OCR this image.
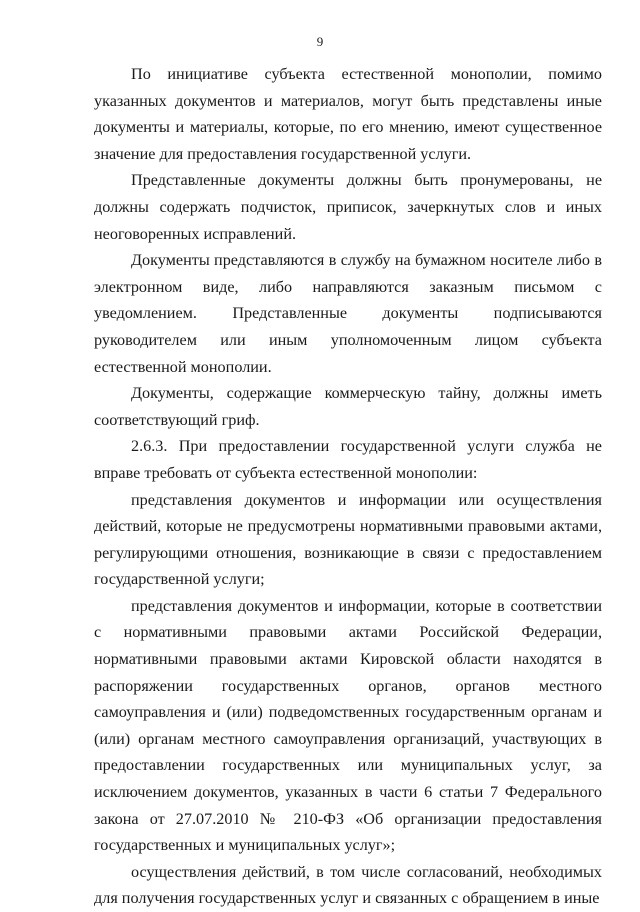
9

По инициативе субъекта естественной монополии, помимо указанных документов и материалов, могут быть представлены иные документы и материалы, которые, по его мнению, имеют существенное значение для предоставления государственной услуги.

Представленные документы должны быть пронумерованы, не должны содержать подчисток, приписок, зачеркнутых слов и иных неоговоренных исправлений.

Документы представляются в службу на бумажном носителе либо в электронном виде, либо направляются заказным письмом с уведомлением. Представленные документы подписываются руководителем или иным уполномоченным лицом субъекта естественной монополии.

Документы, содержащие коммерческую тайну, должны иметь соответствующий гриф.

2.6.3. При предоставлении государственной услуги служба не вправе требовать от субъекта естественной монополии:

представления документов и информации или осуществления действий, которые не предусмотрены нормативными правовыми актами, регулирующими отношения, возникающие в связи с предоставлением государственной услуги;

представления документов и информации, которые в соответствии с нормативными правовыми актами Российской Федерации, нормативными правовыми актами Кировской области находятся в распоряжении государственных органов, органов местного самоуправления и (или) подведомственных государственным органам и (или) органам местного самоуправления организаций, участвующих в предоставлении государственных или муниципальных услуг, за исключением документов, указанных в части 6 статьи 7 Федерального закона от 27.07.2010 № 210-ФЗ «Об организации предоставления государственных и муниципальных услуг»;

осуществления действий, в том числе согласований, необходимых для получения государственных услуг и связанных с обращением в иные
